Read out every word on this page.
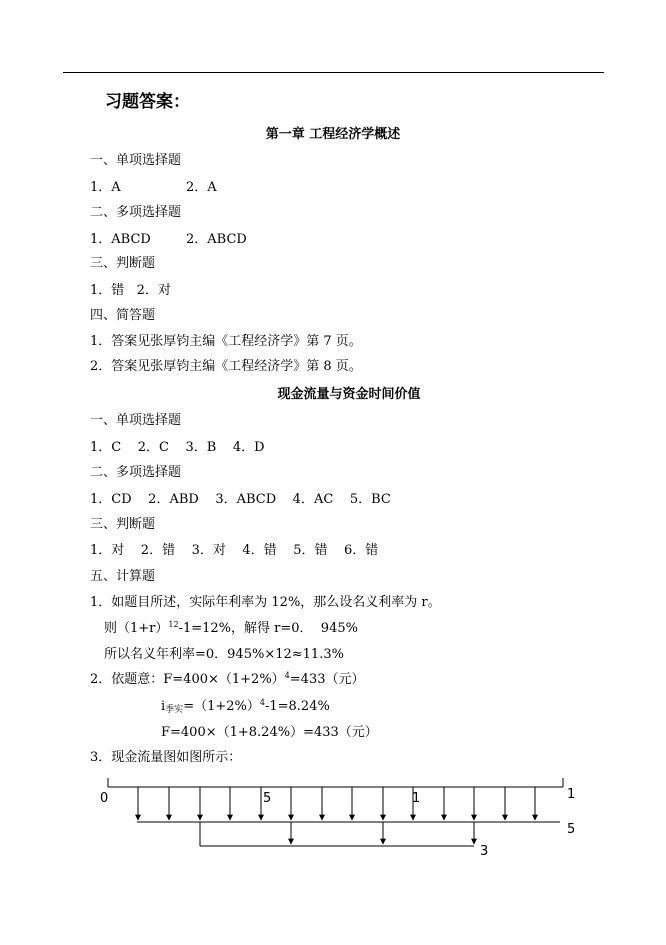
习题答案：
第一章 工程经济学概述
一、单项选择题
1．A	2．A
二、多项选择题
1．ABCD	2．ABCD
三、判断题
1．错   2．对
四、简答题
1．答案见张厚钧主编《工程经济学》第 7 页。
2．答案见张厚钧主编《工程经济学》第 8 页。
现金流量与资金时间价值
一、单项选择题
1．C    2．C    3．B    4．D
二、多项选择题
1．CD    2．ABD    3．ABCD    4．AC    5．BC
三、判断题
1．对    2．错    3．对    4．错    5．错    6．错
五、计算题
1．如题目所述，实际年利率为 12%，那么设名义利率为 r。
则$(1+r)^{12}-1=12\%$，解得 r=0．  945%
所以名义年利率=0．945%×12≈11.3%
2．依题意：$F=400\times(1+2\%)^4=433$（元）
$i_{季实}=(1+2\%)^4-1=8.24\%$
F=400×（1+8.24%）=433（元）
3．现金流量图如图所示：
0	5	1	1
5
3
